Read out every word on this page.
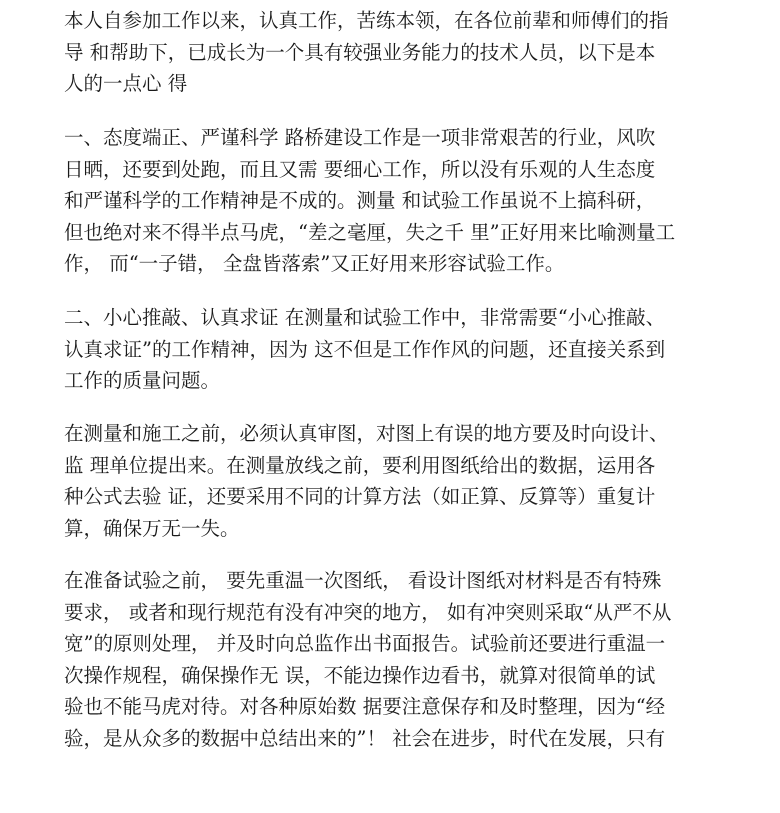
本人自参加工作以来，认真工作，苦练本领，在各位前辈和师傅们的指
导 和帮助下，已成长为一个具有较强业务能力的技术人员，以下是本
人的一点心 得
一、态度端正、严谨科学 路桥建设工作是一项非常艰苦的行业，风吹
日晒，还要到处跑，而且又需 要细心工作，所以没有乐观的人生态度
和严谨科学的工作精神是不成的。测量 和试验工作虽说不上搞科研，
但也绝对来不得半点马虎，“差之毫厘，失之千 里”正好用来比喻测量工
作， 而“一子错， 全盘皆落索”又正好用来形容试验工作。
二、小心推敲、认真求证 在测量和试验工作中，非常需要“小心推敲、
认真求证”的工作精神，因为 这不但是工作作风的问题，还直接关系到
工作的质量问题。
在测量和施工之前，必须认真审图，对图上有误的地方要及时向设计、
监 理单位提出来。在测量放线之前，要利用图纸给出的数据，运用各
种公式去验 证，还要采用不同的计算方法（如正算、反算等）重复计
算，确保万无一失。
在准备试验之前， 要先重温一次图纸， 看设计图纸对材料是否有特殊
要求， 或者和现行规范有没有冲突的地方， 如有冲突则采取“从严不从
宽”的原则处理， 并及时向总监作出书面报告。试验前还要进行重温一
次操作规程，确保操作无 误，不能边操作边看书，就算对很简单的试
验也不能马虎对待。对各种原始数 据要注意保存和及时整理，因为“经
验，是从众多的数据中总结出来的”！ 社会在进步，时代在发展，只有
